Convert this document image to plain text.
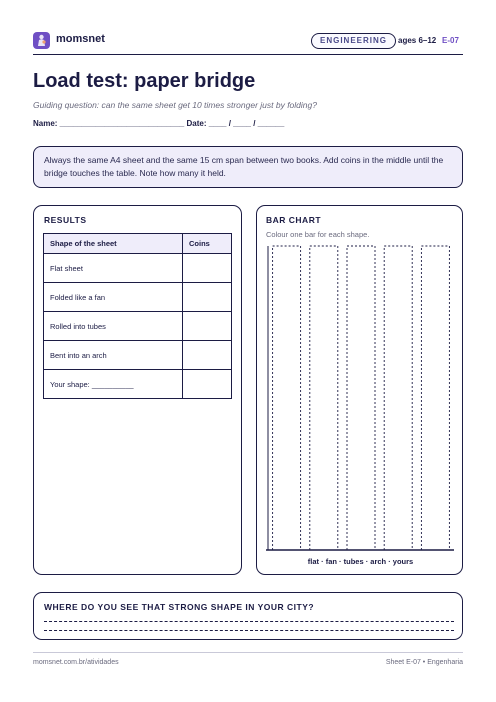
momsnet	ENGINEERING	ages 6–12 E-07
Load test: paper bridge

Guiding question: can the same sheet get 10 times stronger just by folding?

Name: ____________________________ Date: ____ / ____ / ______

Always the same A4 sheet and the same 15 cm span between two books. Add coins in the middle until the bridge touches the table. Note how many it held.
RESULTS
Shape of the sheet	Coins
Flat sheet	
Folded like a fan	
Rolled into tubes	
Bent into an arch	
Your shape: __________	
BAR CHART
Colour one bar for each shape.
flat · fan · tubes · arch · yours
WHERE DO YOU SEE THAT STRONG SHAPE IN YOUR CITY?
momsnet.com.br/atividades	Sheet E-07 • Engenharia
